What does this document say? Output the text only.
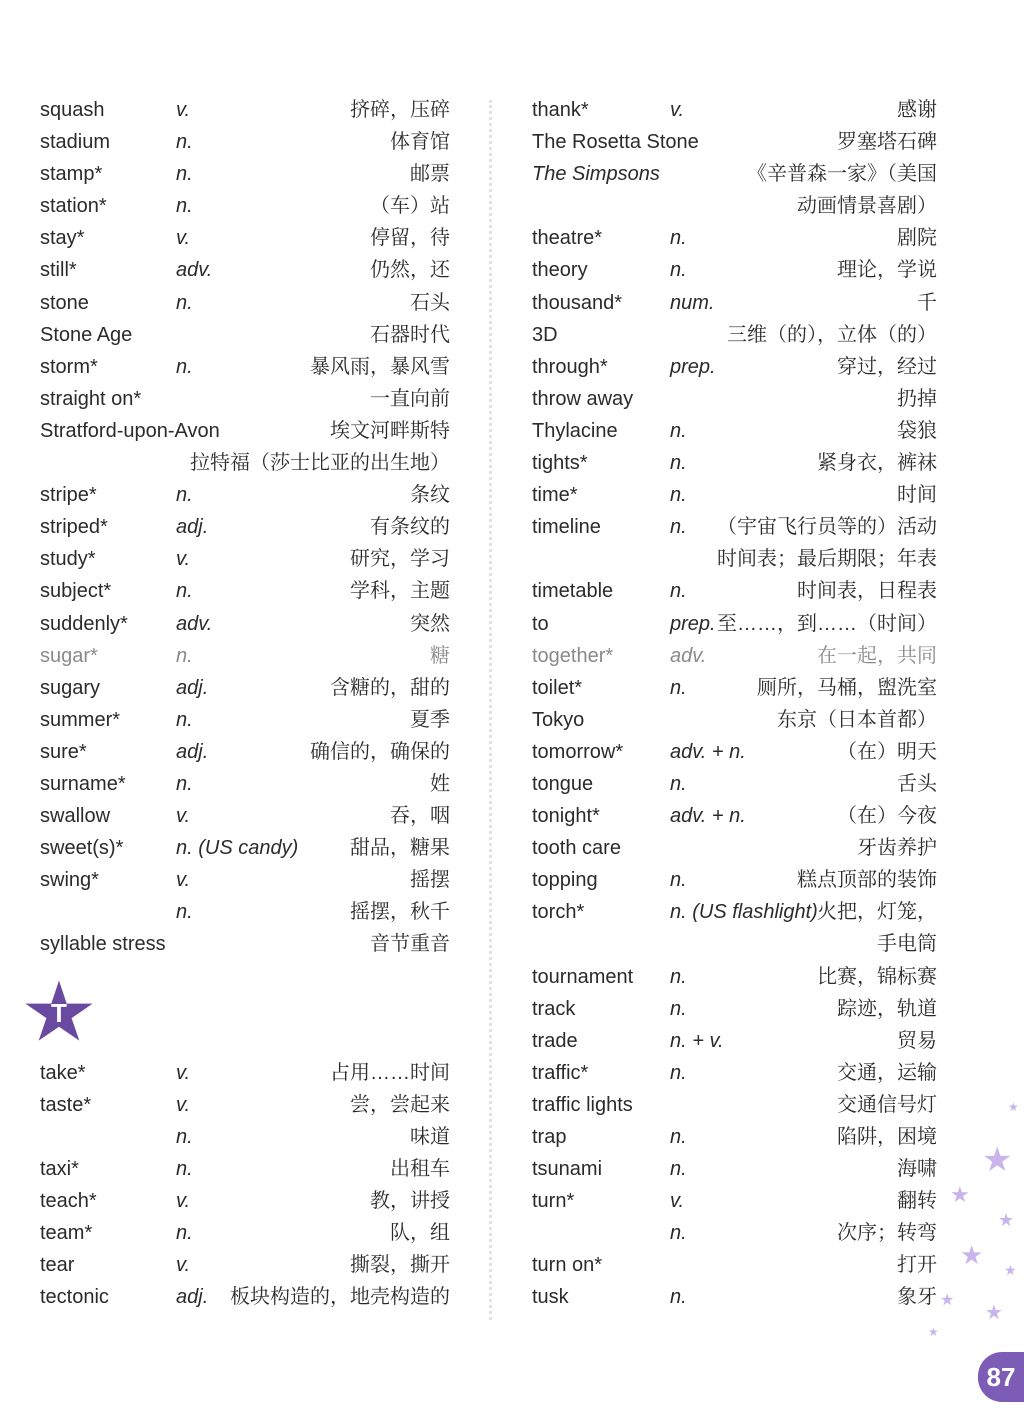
squash	v.	挤碎，压碎
stadium	n.	体育馆
stamp*	n.	邮票
station*	n.	（车）站
stay*	v.	停留，待
still*	adv.	仍然，还
stone	n.	石头
Stone Age	石器时代
storm*	n.	暴风雨，暴风雪
straight on*	一直向前
Stratford-upon-Avon	埃文河畔斯特
拉特福（莎士比亚的出生地）
stripe*	n.	条纹
striped*	adj.	有条纹的
study*	v.	研究，学习
subject*	n.	学科，主题
suddenly* adv.	突然
sugar*	n.	糖
sugary	adj.	含糖的，甜的
summer*	n.	夏季
sure*	adj.	确信的，确保的
surname*	n.	姓
swallow	v.	吞，咽
sweet(s)*	n. (US candy)	甜品，糖果
swing*	v.	摇摆
n.	摇摆，秋千
syllable stress	音节重音
T
take*	v.	占用……时间
taste*	v.	尝，尝起来
n.	味道
taxi*	n.	出租车
teach*	v.	教，讲授
team*	n.	队，组
tear	v.	撕裂，撕开
tectonic	adj. 板块构造的，地壳构造的
thank*	v.	感谢
The Rosetta Stone	罗塞塔石碑
The Simpsons	《辛普森一家》（美国
动画情景喜剧）
theatre*	n.	剧院
theory	n.	理论，学说
thousand* num.	千
3D	三维（的），立体（的）
through*	prep.	穿过，经过
throw away	扔掉
Thylacine	n.	袋狼
tights*	n.	紧身衣，裤袜
time*	n.	时间
timeline	n. （宇宙飞行员等的）活动
时间表；最后期限；年表
timetable	n.	时间表，日程表
to	prep. 至……，到……（时间）
together*	adv.	在一起，共同
toilet*	n.	厕所，马桶，盥洗室
Tokyo	东京（日本首都）
tomorrow* adv. + n.	（在）明天
tongue	n.	舌头
tonight*	adv. + n.	（在）今夜
tooth care	牙齿养护
topping	n.	糕点顶部的装饰
torch*	n. (US flashlight) 火把，灯笼，
手电筒
tournament n.	比赛，锦标赛
track	n.	踪迹，轨道
trade	n. + v.	贸易
traffic*	n.	交通，运输
traffic lights	交通信号灯
trap	n.	陷阱，困境
tsunami	n.	海啸
turn*	v.	翻转
n.	次序；转弯
turn on*	打开
tusk	n.	象牙
★
★
★
★ ★
★
★
★
★
87
